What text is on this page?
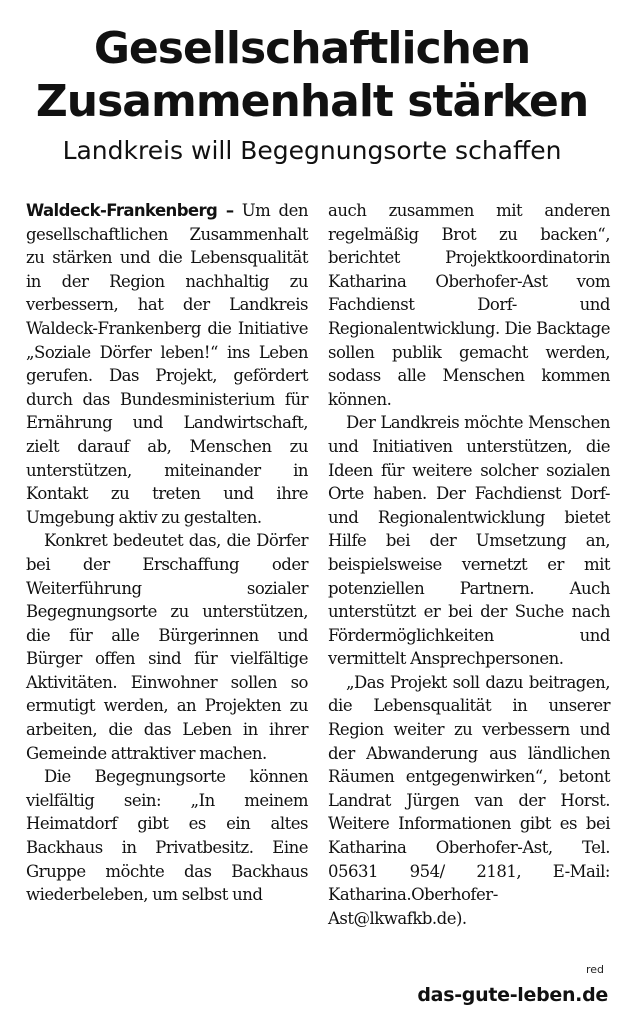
Gesellschaftlichen
Zusammenhalt stärken
Landkreis will Begegnungsorte schaffen

Waldeck-Frankenberg – Um den gesellschaftlichen Zusammenhalt zu stärken und die Lebensqualität in der Region nachhaltig zu verbessern, hat der Landkreis Waldeck-Frankenberg die Initiative „Soziale Dörfer leben!“ ins Leben gerufen. Das Projekt, gefördert durch das Bundesministerium für Ernährung und Landwirtschaft, zielt darauf ab, Menschen zu unterstützen, miteinander in Kontakt zu treten und ihre Umgebung aktiv zu gestalten.

Konkret bedeutet das, die Dörfer bei der Erschaffung oder Weiterführung sozialer Begegnungsorte zu unterstützen, die für alle Bürgerinnen und Bürger offen sind für vielfältige Aktivitäten. Einwohner sollen so ermutigt werden, an Projekten zu arbeiten, die das Leben in ihrer Gemeinde attraktiver machen.

Die Begegnungsorte können vielfältig sein: „In meinem Heimatdorf gibt es ein altes Backhaus in Privatbesitz. Eine Gruppe möchte das Backhaus wiederbeleben, um selbst und

auch zusammen mit anderen regelmäßig Brot zu backen“, berichtet Projektkoordinatorin Katharina Oberhofer-Ast vom Fachdienst Dorf- und Regionalentwicklung. Die Backtage sollen publik gemacht werden, sodass alle Menschen kommen können.

Der Landkreis möchte Menschen und Initiativen unterstützen, die Ideen für weitere solcher sozialen Orte haben. Der Fachdienst Dorf- und Regionalentwicklung bietet Hilfe bei der Umsetzung an, beispielsweise vernetzt er mit potenziellen Partnern. Auch unterstützt er bei der Suche nach Fördermöglichkeiten und vermittelt Ansprechpersonen.

„Das Projekt soll dazu beitragen, die Lebensqualität in unserer Region weiter zu verbessern und der Abwanderung aus ländlichen Räumen entgegenwirken“, betont Landrat Jürgen van der Horst. Weitere Informationen gibt es bei Katharina Oberhofer-Ast, Tel. 05631 954/ 2181, E-Mail: Katharina.Oberhofer-Ast@lkwafkb.de).

red
das-gute-leben.de
